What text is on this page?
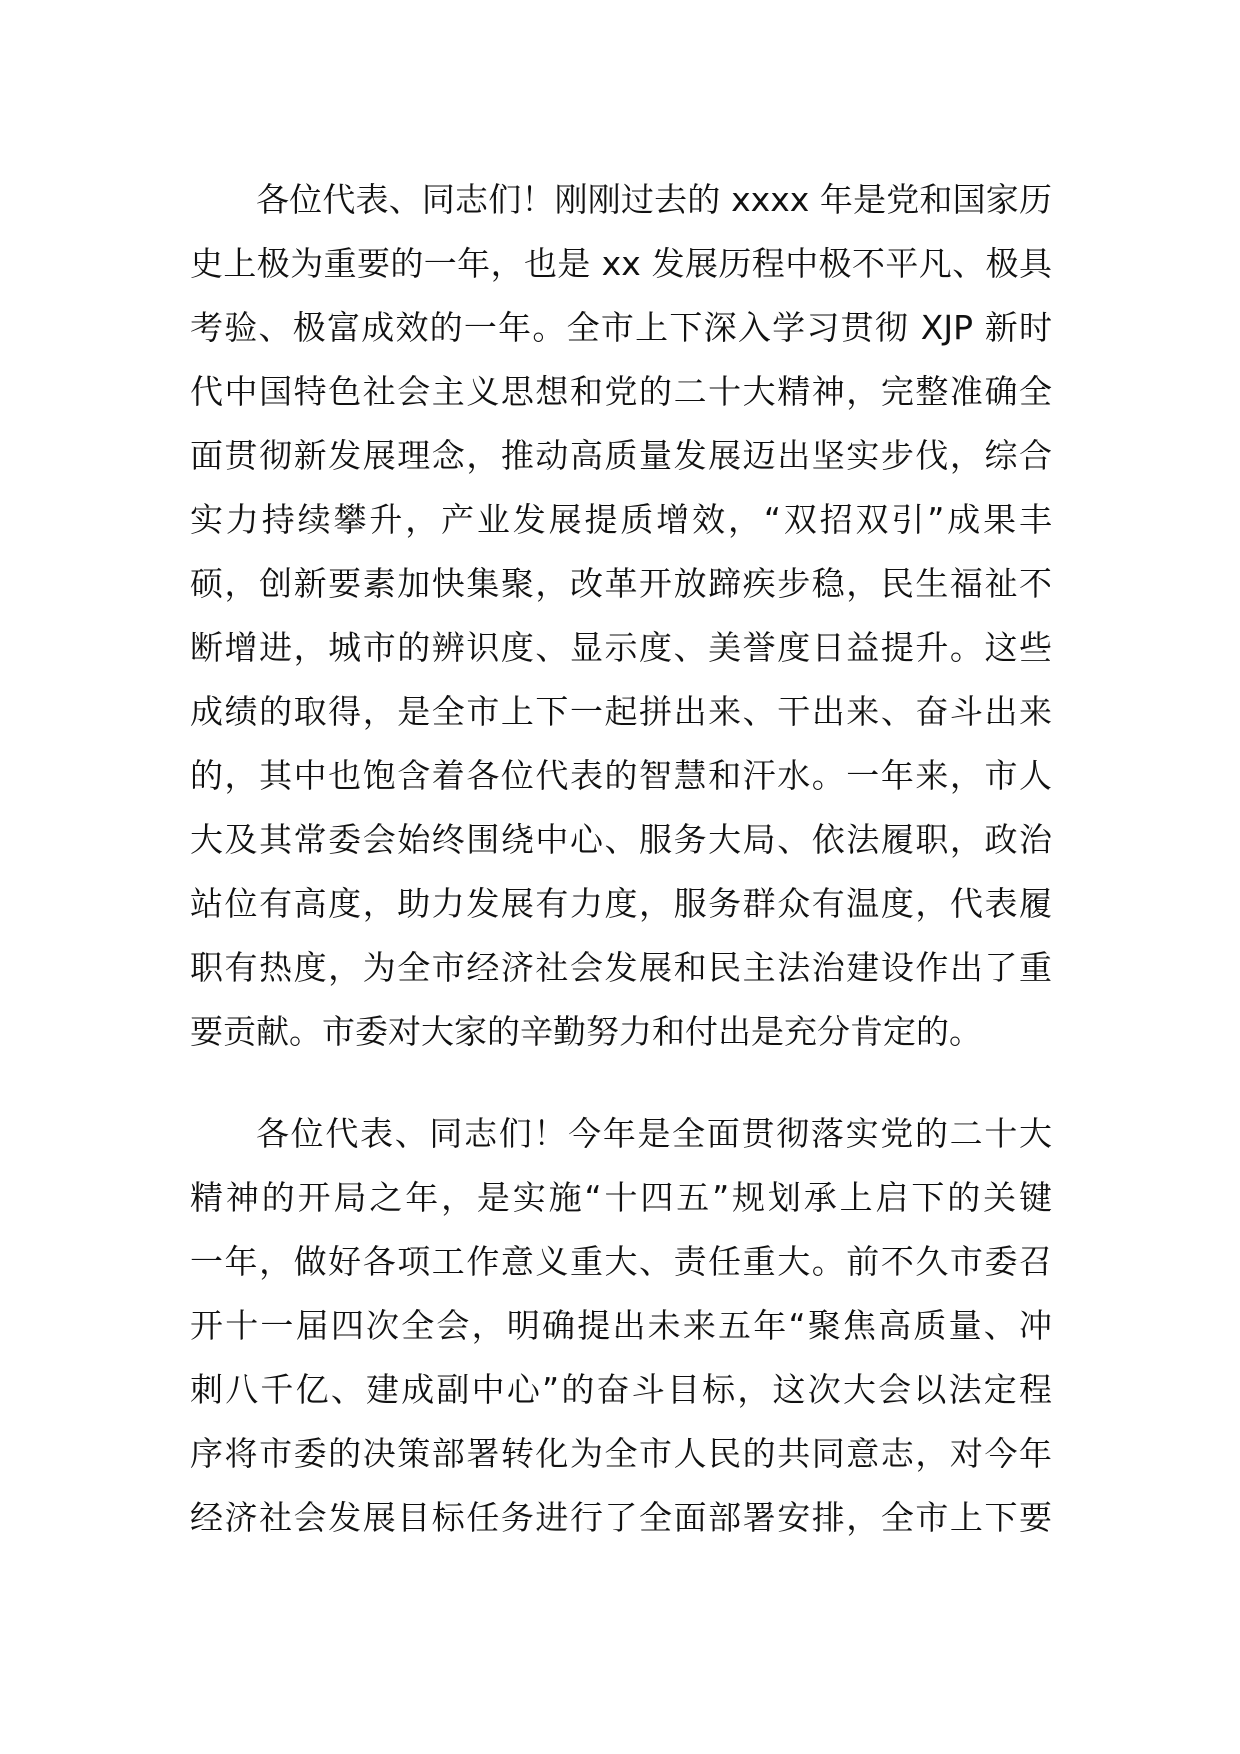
各位代表、同志们！刚刚过去的 xxxx 年是党和国家历
史上极为重要的一年，也是 xx 发展历程中极不平凡、极具
考验、极富成效的一年。全市上下深入学习贯彻 XJP 新时
代中国特色社会主义思想和党的二十大精神，完整准确全
面贯彻新发展理念，推动高质量发展迈出坚实步伐，综合
实力持续攀升，产业发展提质增效，“双招双引”成果丰
硕，创新要素加快集聚，改革开放蹄疾步稳，民生福祉不
断增进，城市的辨识度、显示度、美誉度日益提升。这些
成绩的取得，是全市上下一起拼出来、干出来、奋斗出来
的，其中也饱含着各位代表的智慧和汗水。一年来，市人
大及其常委会始终围绕中心、服务大局、依法履职，政治
站位有高度，助力发展有力度，服务群众有温度，代表履
职有热度，为全市经济社会发展和民主法治建设作出了重
要贡献。市委对大家的辛勤努力和付出是充分肯定的。
各位代表、同志们！今年是全面贯彻落实党的二十大
精神的开局之年，是实施“十四五”规划承上启下的关键
一年，做好各项工作意义重大、责任重大。前不久市委召
开十一届四次全会，明确提出未来五年“聚焦高质量、冲
刺八千亿、建成副中心”的奋斗目标，这次大会以法定程
序将市委的决策部署转化为全市人民的共同意志，对今年
经济社会发展目标任务进行了全面部署安排，全市上下要
